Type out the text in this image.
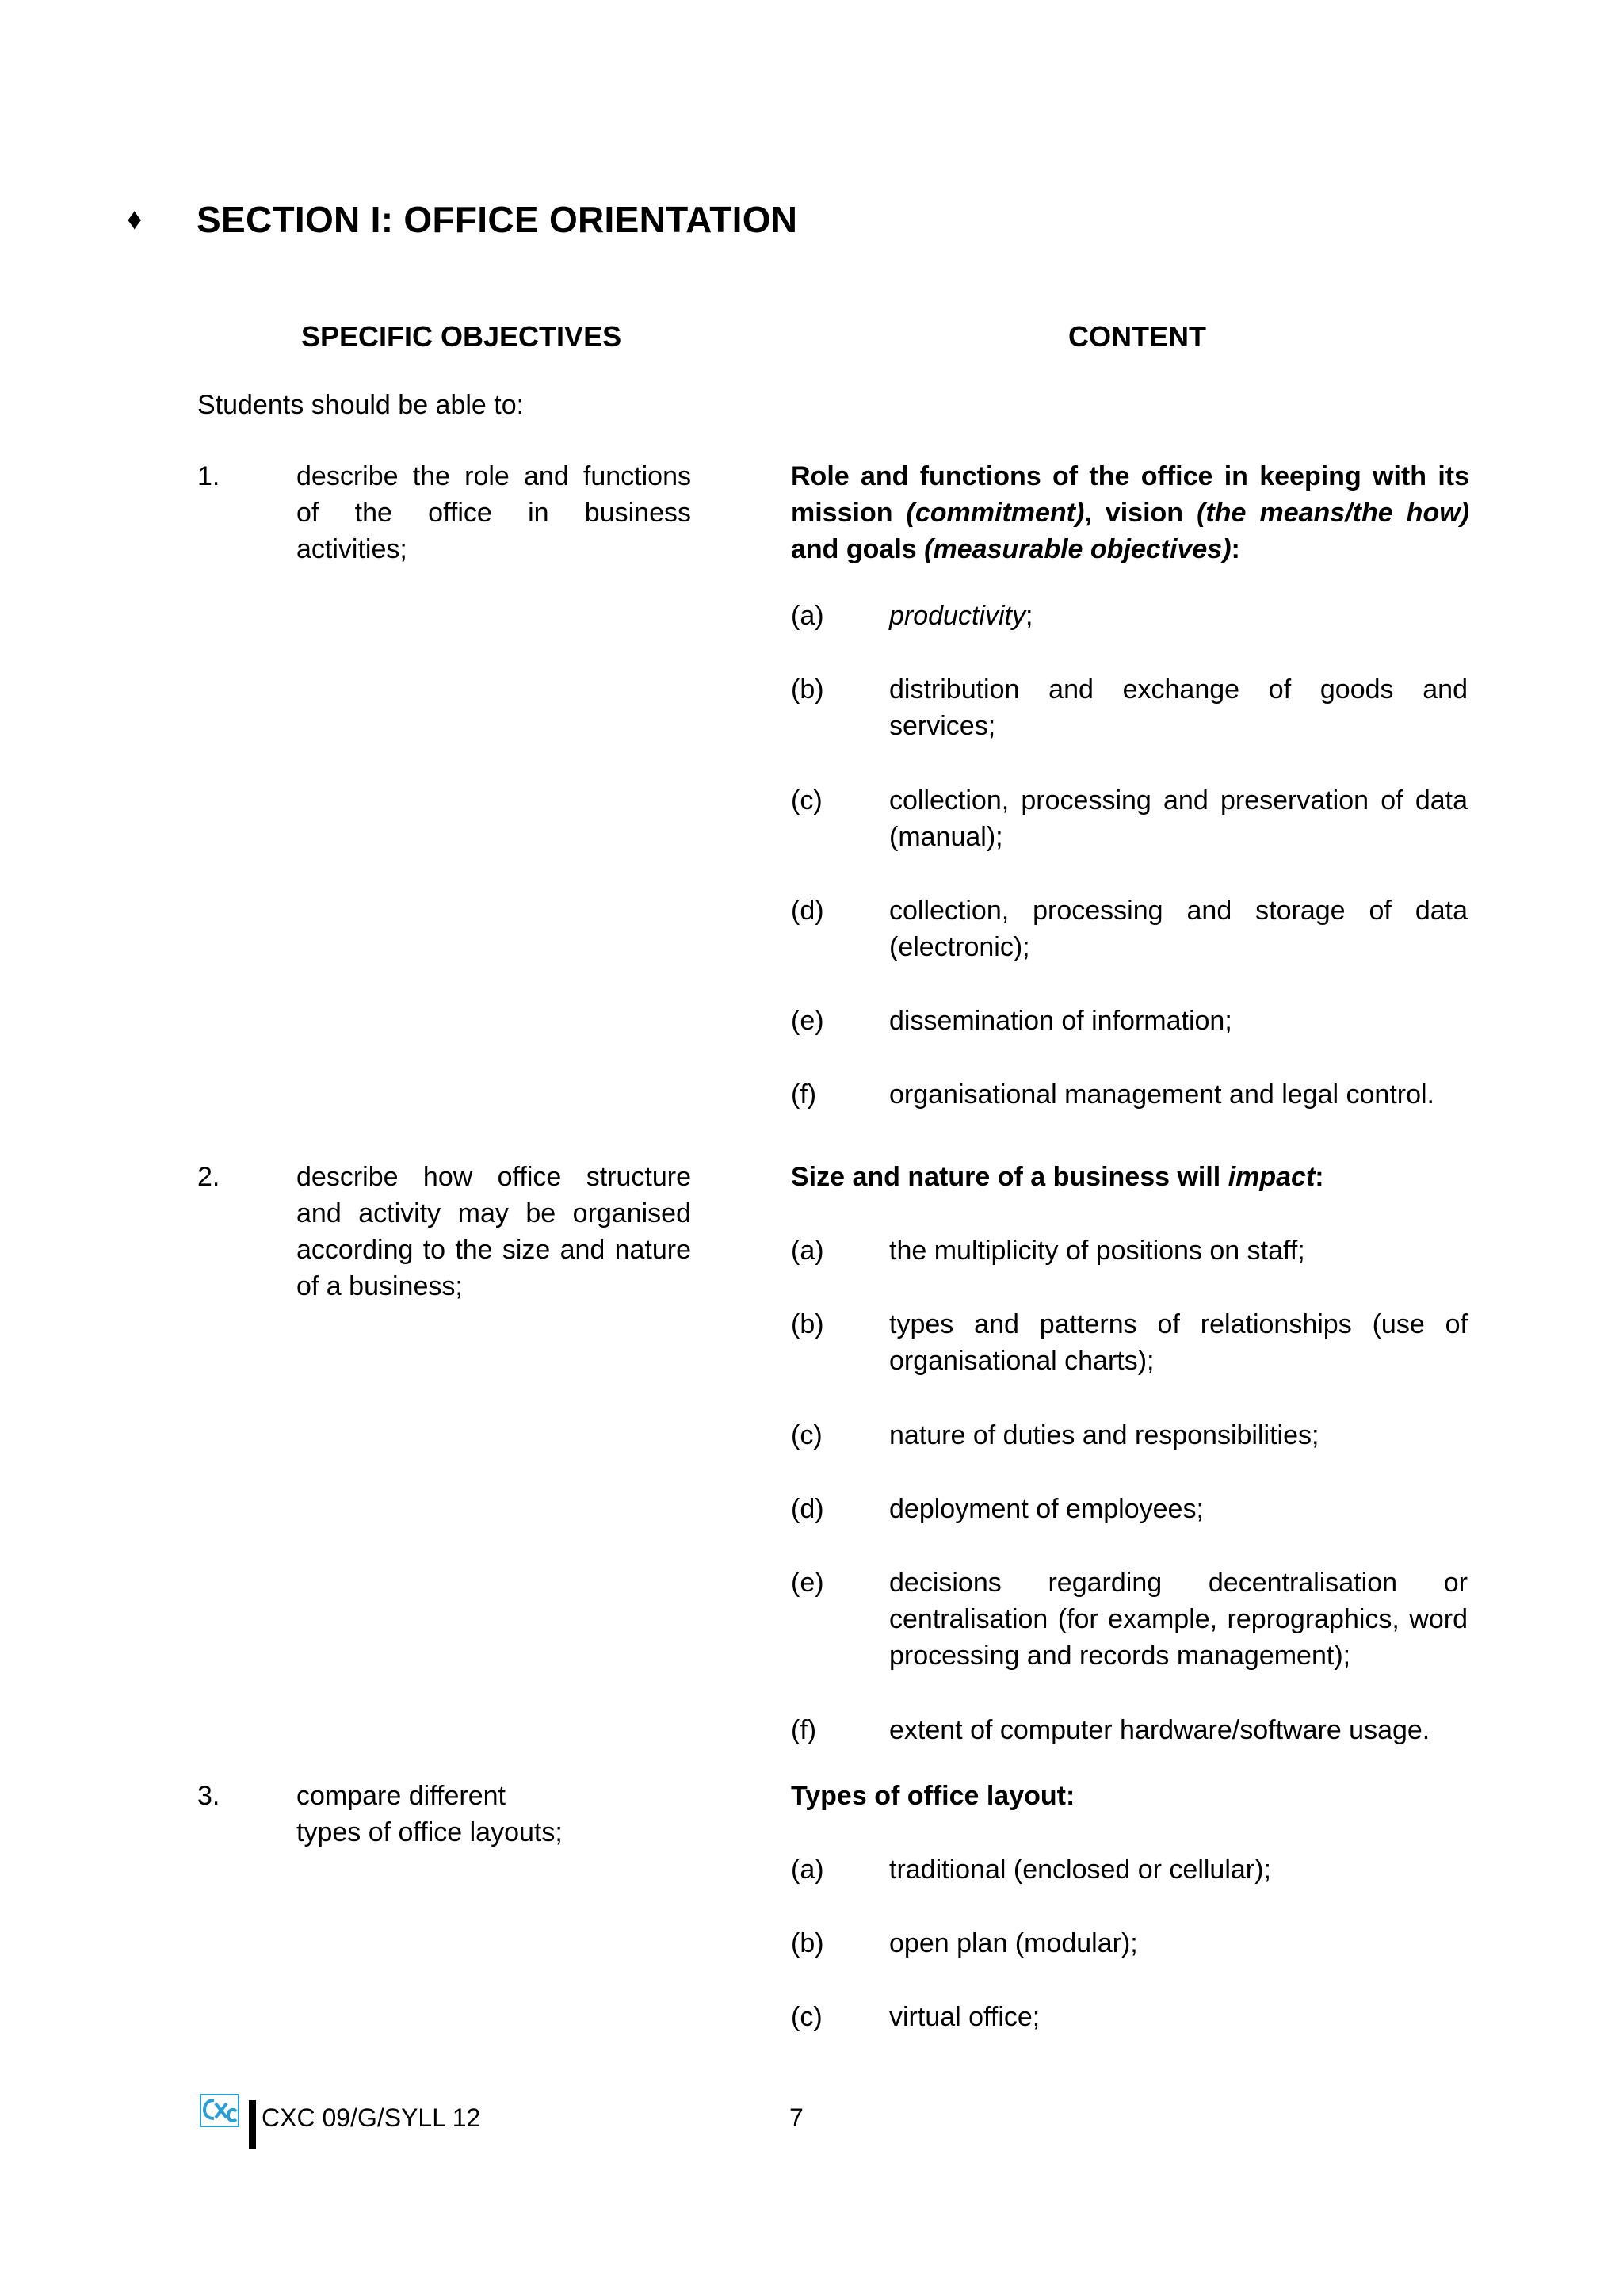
♦ SECTION I: OFFICE ORIENTATION
SPECIFIC OBJECTIVES	CONTENT
Students should be able to:
1.	describe the role and functions of the office in business activities;
Role and functions of the office in keeping with its mission (commitment), vision (the means/the how) and goals (measurable objectives):
(a) productivity;
(b) distribution and exchange of goods and services;
(c) collection, processing and preservation of data (manual);
(d) collection, processing and storage of data (electronic);
(e) dissemination of information;
(f)	organisational management and legal control.
2.	describe how office structure and activity may be organised according to the size and nature of a business;
Size and nature of a business will impact:
(a) the multiplicity of positions on staff;
(b) types and patterns of relationships (use of organisational charts);
(c) nature of duties and responsibilities;
(d) deployment of employees;
(e) decisions regarding decentralisation or centralisation (for example, reprographics, word processing and records management);
(f)	extent of computer hardware/software usage.
3.	compare different
types of office layouts;
Types of office layout:
(a) traditional (enclosed or cellular);
(b) open plan (modular);
(c) virtual office;
CXC 09/G/SYLL 12	7
